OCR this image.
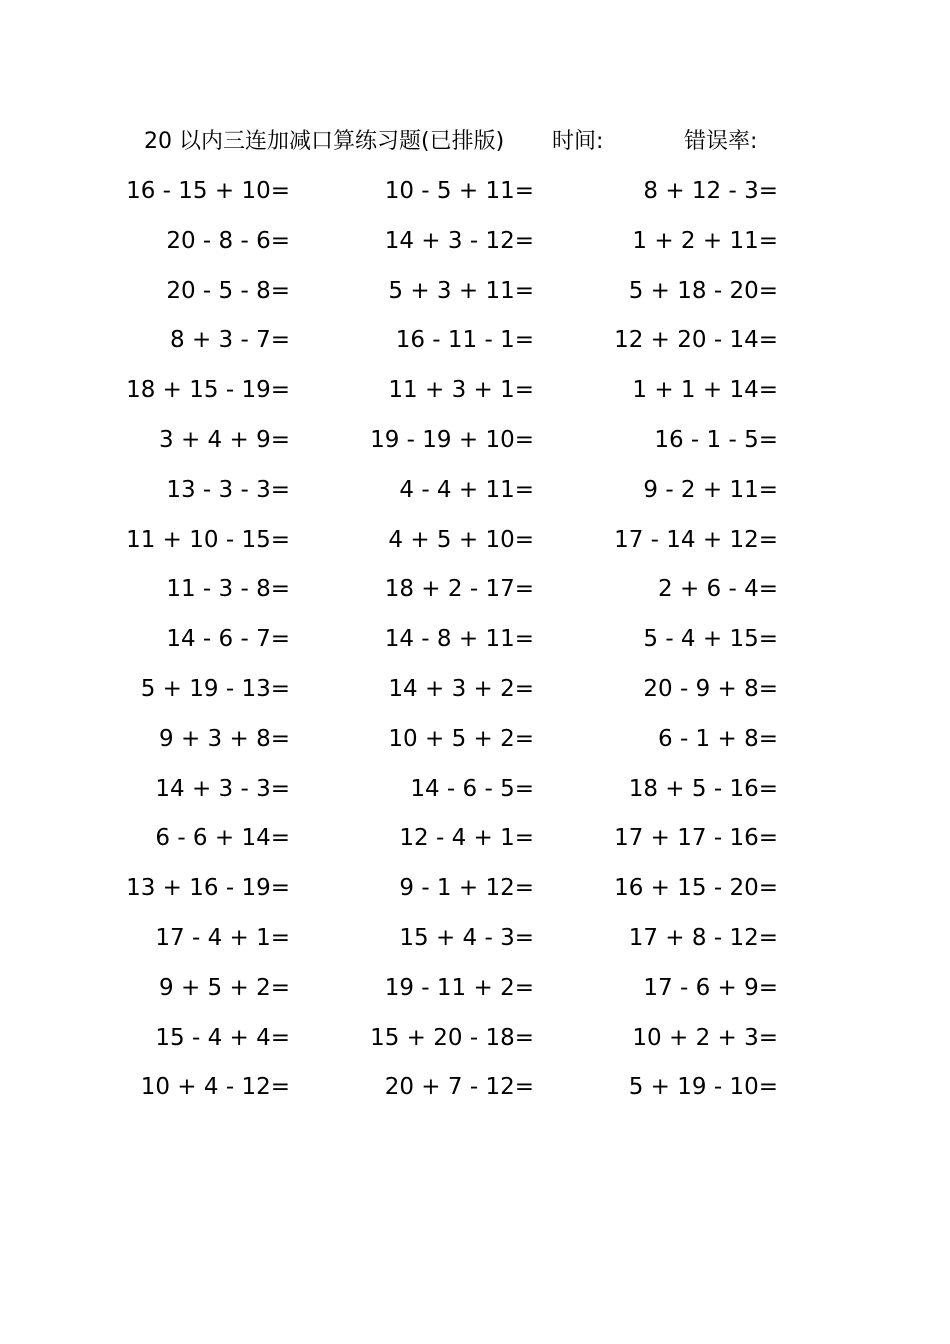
20 以内三连加减口算练习题(已排版) 时间:	错误率:
16 - 15 + 10=	10 - 5 + 11=	8 + 12 - 3=
20 - 8 - 6=	14 + 3 - 12=	1 + 2 + 11=
20 - 5 - 8=	5 + 3 + 11=	5 + 18 - 20=
8 + 3 - 7=	16 - 11 - 1=	12 + 20 - 14=
18 + 15 - 19=	11 + 3 + 1=	1 + 1 + 14=
3 + 4 + 9=	19 - 19 + 10=	16 - 1 - 5=
13 - 3 - 3=	4 - 4 + 11=	9 - 2 + 11=
11 + 10 - 15=	4 + 5 + 10=	17 - 14 + 12=
11 - 3 - 8=	18 + 2 - 17=	2 + 6 - 4=
14 - 6 - 7=	14 - 8 + 11=	5 - 4 + 15=
5 + 19 - 13=	14 + 3 + 2=	20 - 9 + 8=
9 + 3 + 8=	10 + 5 + 2=	6 - 1 + 8=
14 + 3 - 3=	14 - 6 - 5=	18 + 5 - 16=
6 - 6 + 14=	12 - 4 + 1=	17 + 17 - 16=
13 + 16 - 19=	9 - 1 + 12=	16 + 15 - 20=
17 - 4 + 1=	15 + 4 - 3=	17 + 8 - 12=
9 + 5 + 2=	19 - 11 + 2=	17 - 6 + 9=
15 - 4 + 4=	15 + 20 - 18=	10 + 2 + 3=
10 + 4 - 12=	20 + 7 - 12=	5 + 19 - 10=
